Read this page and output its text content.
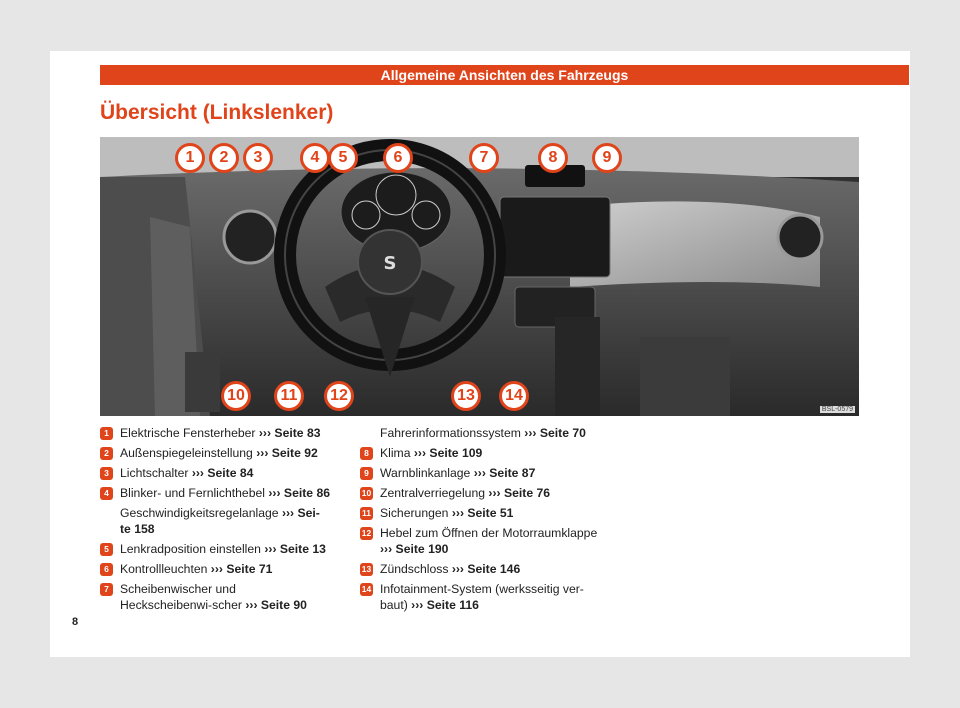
Allgemeine Ansichten des Fahrzeugs
Übersicht (Linkslenker)
S
BSL-0579
1	2	3	4	5	6	7	8	9
10	11	12	13	14
1 Elektrische Fensterheber ››› Seite 83
2 Außenspiegeleinstellung ››› Seite 92
3 Lichtschalter ››› Seite 84
4 Blinker- und Fernlichthebel ››› Seite 86
Geschwindigkeitsregelanlage ››› Sei-te 158
5 Lenkradposition einstellen ››› Seite 13
6 Kontrollleuchten ››› Seite 71
7 Scheibenwischer und Heckscheibenwi-scher ››› Seite 90
Fahrerinformationssystem ››› Seite 70
8 Klima ››› Seite 109
9 Warnblinkanlage ››› Seite 87
10 Zentralverriegelung ››› Seite 76
11 Sicherungen ››› Seite 51
12 Hebel zum Öffnen der Motorraumklappe ››› Seite 190
13 Zündschloss ››› Seite 146
14 Infotainment-System (werksseitig ver-baut) ››› Seite 116
8
